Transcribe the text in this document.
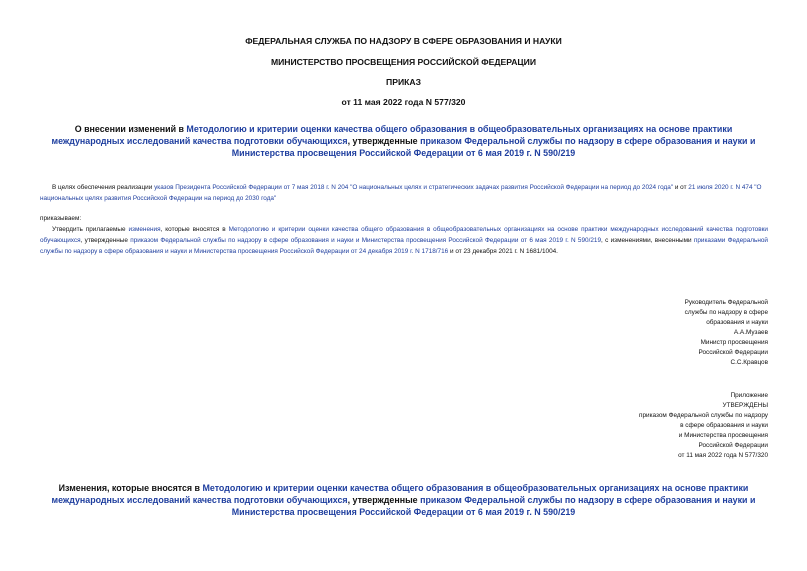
ФЕДЕРАЛЬНАЯ СЛУЖБА ПО НАДЗОРУ В СФЕРЕ ОБРАЗОВАНИЯ И НАУКИ

МИНИСТЕРСТВО ПРОСВЕЩЕНИЯ РОССИЙСКОЙ ФЕДЕРАЦИИ

ПРИКАЗ

от 11 мая 2022 года N 577/320

О внесении изменений в Методологию и критерии оценки качества общего образования в общеобразовательных организациях на основе практики международных исследований качества подготовки обучающихся, утвержденные приказом Федеральной службы по надзору в сфере образования и науки и Министерства просвещения Российской Федерации от 6 мая 2019 г. N 590/219

В целях обеспечения реализации указов Президента Российской Федерации от 7 мая 2018 г. N 204 "О национальных целях и стратегических задачах развития Российской Федерации на период до 2024 года" и от 21 июля 2020 г. N 474 "О национальных целях развития Российской Федерации на период до 2030 года"

приказываем:

Утвердить прилагаемые изменения, которые вносятся в Методологию и критерии оценки качества общего образования в общеобразовательных организациях на основе практики международных исследований качества подготовки обучающихся, утвержденные приказом Федеральной службы по надзору в сфере образования и науки и Министерства просвещения Российской Федерации от 6 мая 2019 г. N 590/219, с изменениями, внесенными приказами Федеральной службы по надзору в сфере образования и науки и Министерства просвещения Российской Федерации от 24 декабря 2019 г. N 1718/716 и от 23 декабря 2021 г. N 1681/1004.

Руководитель Федеральной
службы по надзору в сфере
образования и науки
А.А.Музаев
Министр просвещения
Российской Федерации
С.С.Кравцов

Приложение
УТВЕРЖДЕНЫ
приказом Федеральной службы по надзору
в сфере образования и науки
и Министерства просвещения
Российской Федерации
от 11 мая 2022 года N 577/320

Изменения, которые вносятся в Методологию и критерии оценки качества общего образования в общеобразовательных организациях на основе практики международных исследований качества подготовки обучающихся, утвержденные приказом Федеральной службы по надзору в сфере образования и науки и Министерства просвещения Российской Федерации от 6 мая 2019 г. N 590/219
